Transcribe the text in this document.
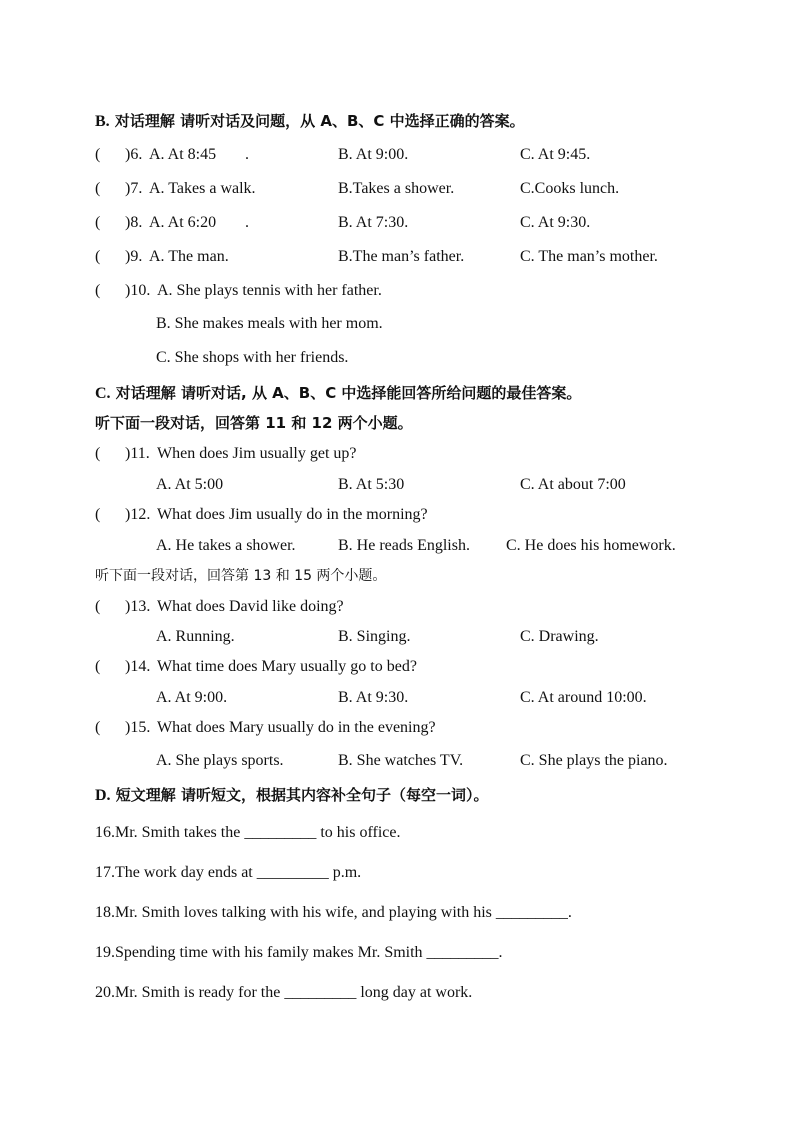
B. 对话理解 请听对话及问题，从 A、B、C 中选择正确的答案。
( )6. A. At 8:45 .	B. At 9:00.	C. At 9:45.
( )7. A. Takes a walk.	B.Takes a shower.	C.Cooks lunch.
( )8. A. At 6:20 .	B. At 7:30.	C. At 9:30.
( )9. A. The man.	B.The man’s father.	C. The man’s mother.
( )10. A. She plays tennis with her father.
B. She makes meals with her mom.
C. She shops with her friends.
C. 对话理解 请听对话, 从 A、B、C 中选择能回答所给问题的最佳答案。
听下面一段对话，回答第 11 和 12 两个小题。
( )11. When does Jim usually get up?
A. At 5:00	B. At 5:30	C. At about 7:00
( )12. What does Jim usually do in the morning?
A. He takes a shower.	B. He reads English. C. He does his homework.
听下面一段对话，回答第 13 和 15 两个小题。
( )13. What does David like doing?
A. Running.	B. Singing.	C. Drawing.
( )14. What time does Mary usually go to bed?
A. At 9:00.	B. At 9:30.	C. At around 10:00.
( )15. What does Mary usually do in the evening?
A. She plays sports.	B. She watches TV.	C. She plays the piano.
D. 短文理解 请听短文，根据其内容补全句子（每空一词）。
16.Mr. Smith takes the _________ to his office.
17.The work day ends at _________ p.m.
18.Mr. Smith loves talking with his wife, and playing with his _________.
19.Spending time with his family makes Mr. Smith _________.
20.Mr. Smith is ready for the _________ long day at work.
